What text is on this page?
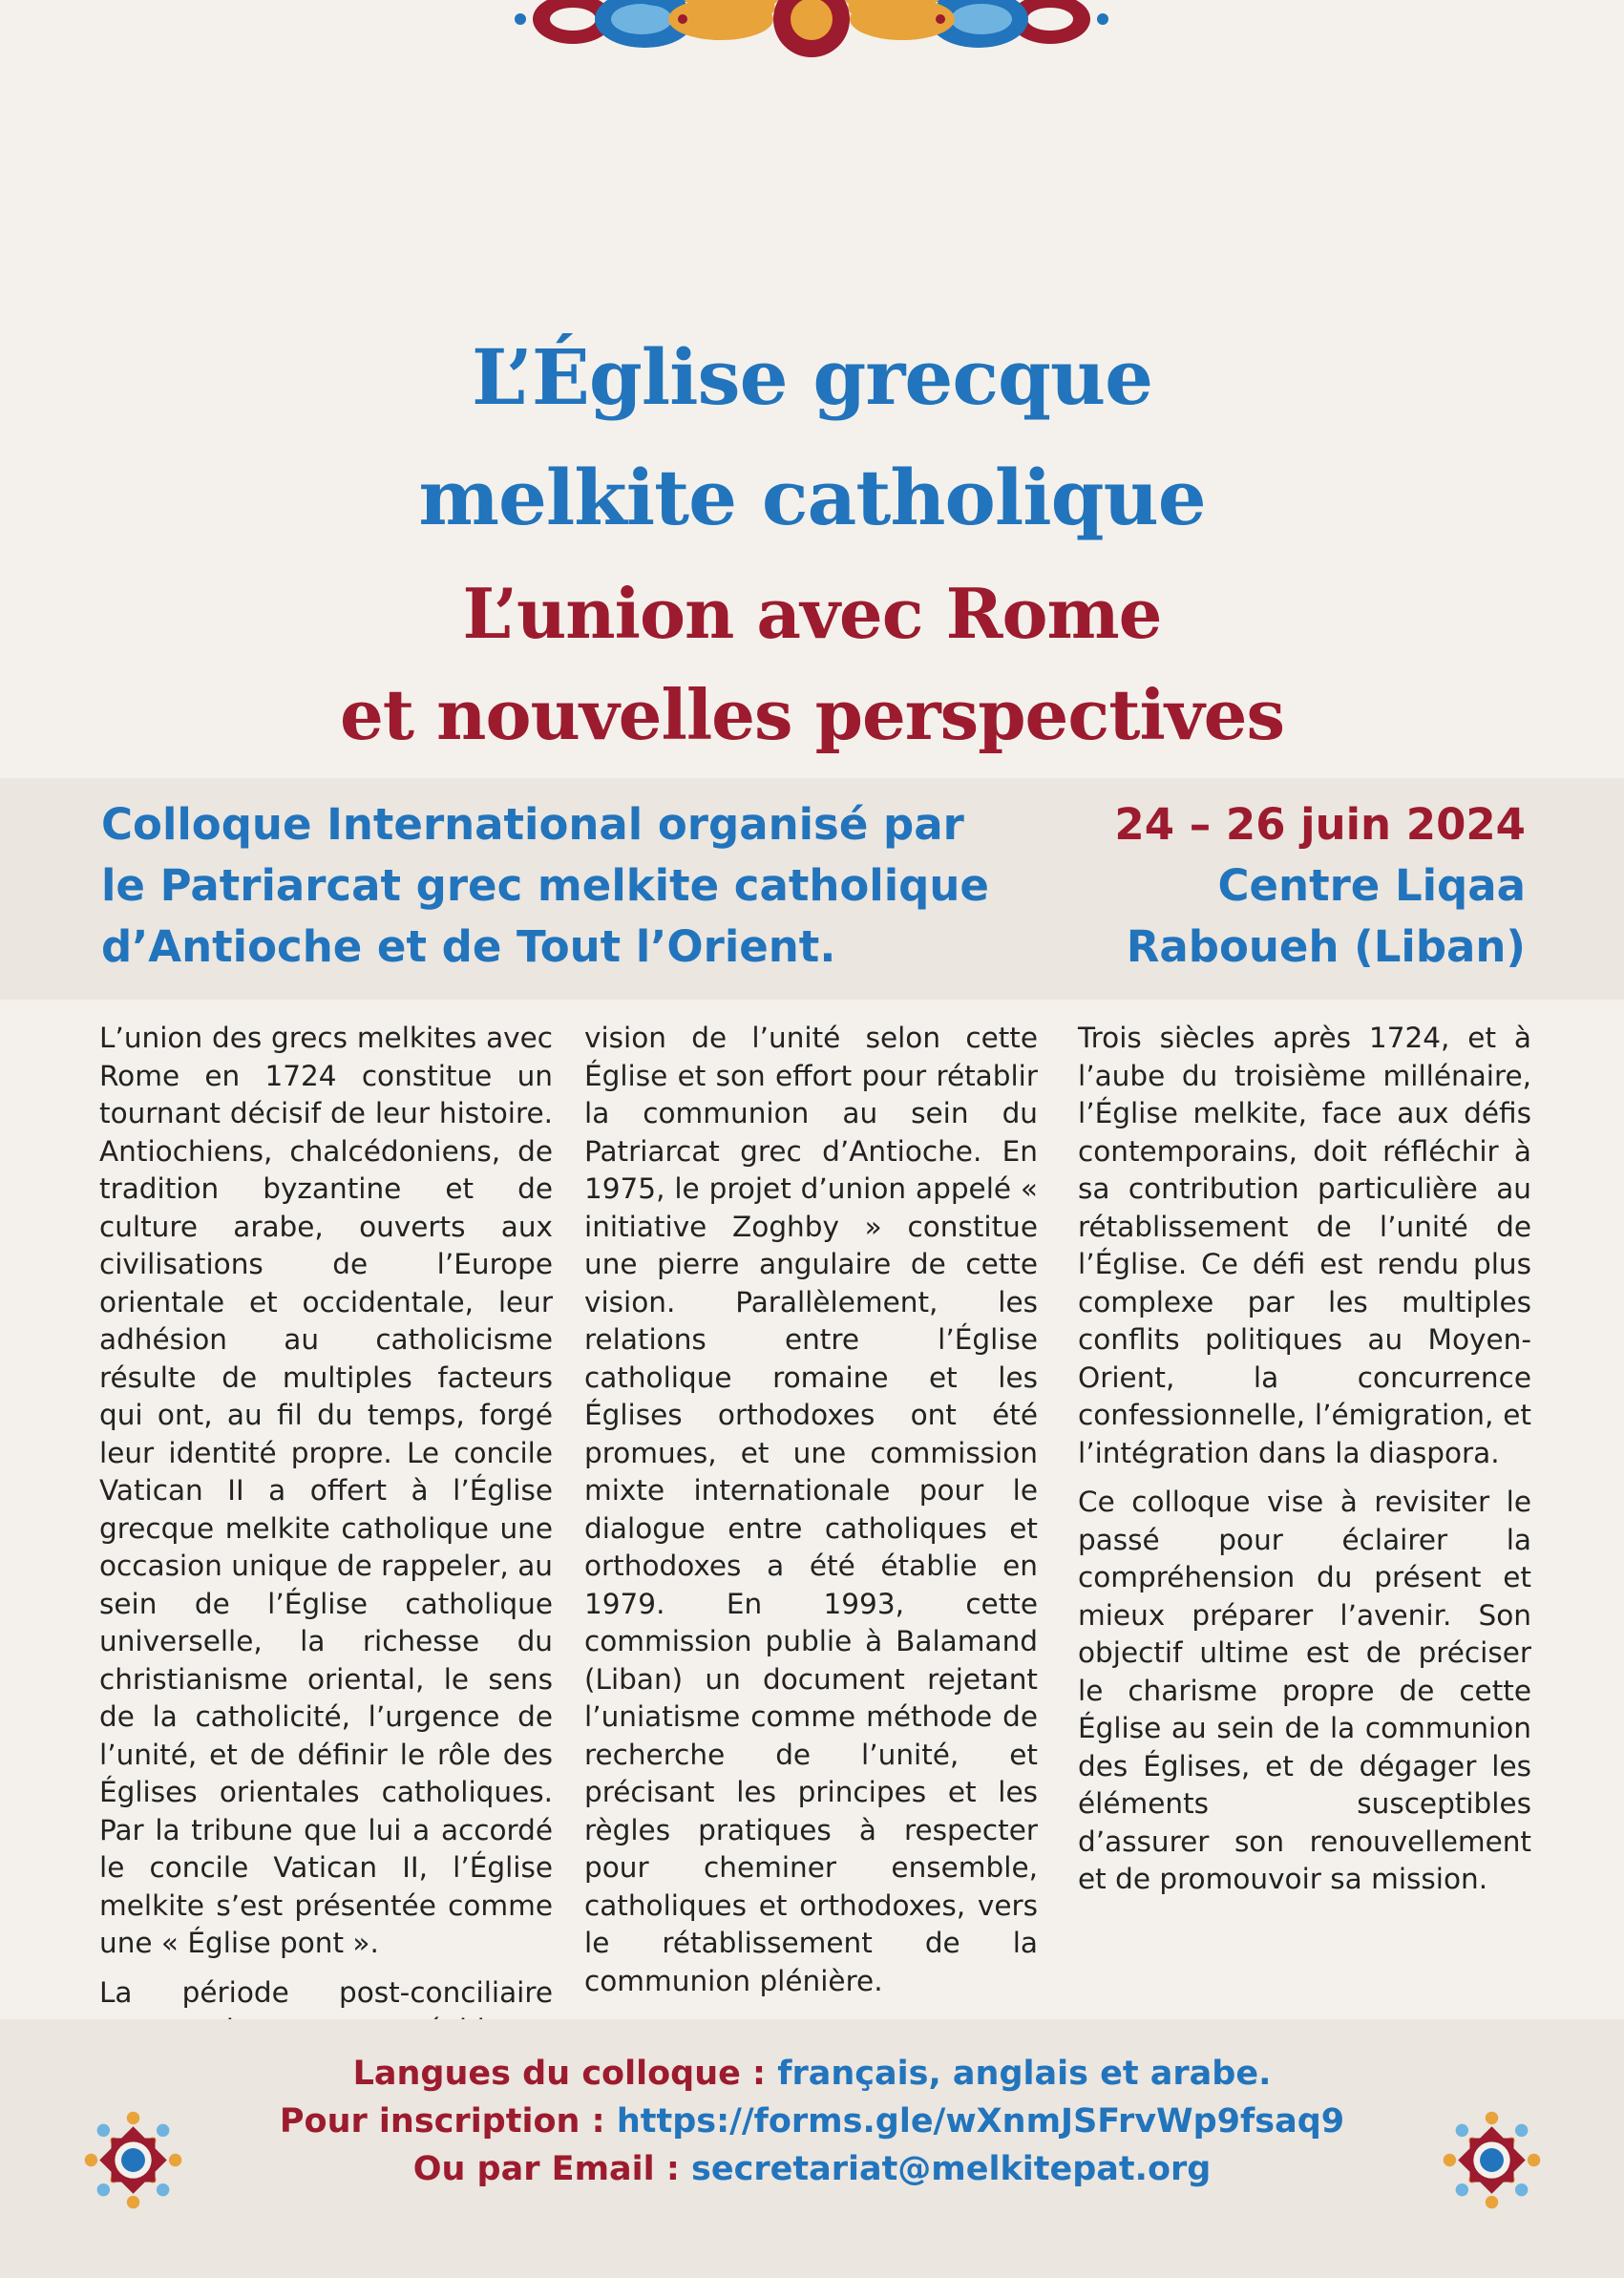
L’Église grecque
melkite catholique
L’union avec Rome
et nouvelles perspectives
Colloque International organisé par
le Patriarcat grec melkite catholique
d’Antioche et de Tout l’Orient.
24 – 26 juin 2024
Centre Liqaa
Raboueh (Liban)

L’union des grecs melkites avec Rome en 1724 constitue un tournant décisif de leur histoire. Antiochiens, chalcédoniens, de tradition byzantine et de culture arabe, ouverts aux civilisations de l’Europe orientale et occidentale, leur adhésion au catholicisme résulte de multiples facteurs qui ont, au fil du temps, forgé leur identité propre. Le concile Vatican II a offert à l’Église grecque melkite catholique une occasion unique de rappeler, au sein de l’Église catholique universelle, la richesse du christianisme oriental, le sens de la catholicité, l’urgence de l’unité, et de définir le rôle des Églises orientales catholiques. Par la tribune que lui a accordé le concile Vatican II, l’Église melkite s’est présentée comme une « Église pont ».

La période post-conciliaire

vision de l’unité selon cette Église et son effort pour rétablir la communion au sein du Patriarcat grec d’Antioche. En 1975, le projet d’union appelé « initiative Zoghby » constitue une pierre angulaire de cette vision. Parallèlement, les relations entre l’Église catholique romaine et les Églises orthodoxes ont été promues, et une commission mixte internationale pour le dialogue entre catholiques et orthodoxes a été établie en 1979. En 1993, cette commission publie à Balamand (Liban) un document rejetant l’uniatisme comme méthode de recherche de l’unité, et précisant les principes et les règles pratiques à respecter pour cheminer ensemble, catholiques et orthodoxes, vers le rétablissement de la communion plénière.

Trois siècles après 1724, et à l’aube du troisième millénaire, l’Église melkite, face aux défis contemporains, doit réfléchir à sa contribution particulière au rétablissement de l’unité de l’Église. Ce défi est rendu plus complexe par les multiples conflits politiques au Moyen-Orient, la concurrence confessionnelle, l’émigration, et l’intégration dans la diaspora.

Ce colloque vise à revisiter le passé pour éclairer la compréhension du présent et mieux préparer l’avenir. Son objectif ultime est de préciser le charisme propre de cette Église au sein de la communion des Églises, et de dégager les éléments susceptibles d’assurer son renouvellement et de promouvoir sa mission.

Langues du colloque : français, anglais et arabe.
Pour inscription : https://forms.gle/wXnmJSFrvWp9fsaq9
Ou par Email : secretariat@melkitepat.org
